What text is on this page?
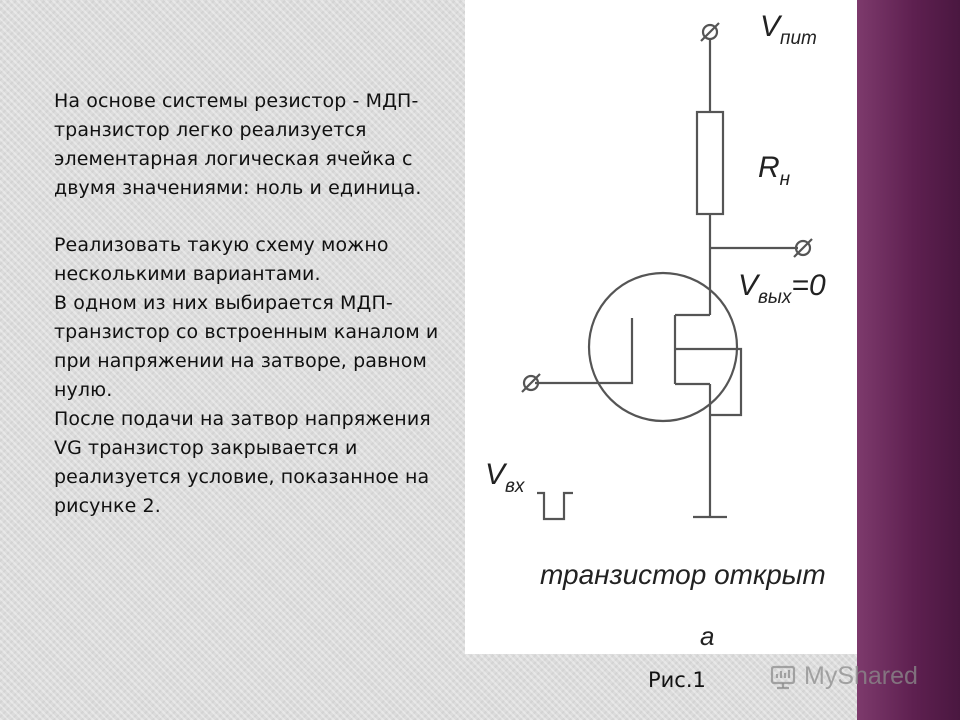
На основе системы резистор - МДП-транзистор легко реализуется элементарная логическая ячейка с двумя значениями: ноль и единица.

Реализовать такую схему можно несколькими вариантами.

В одном из них выбирается МДП-транзистор со встроенным каналом и при напряжении на затворе, равном нулю.

После подачи на затвор напряжения VG транзистор закрывается и реализуется условие, показанное на рисунке 2.

$V_{пит}$
$R_н$
$V_{вых}=0$
$V_{вх}$
транзистор открыт
а
Рис.1	MyShared
